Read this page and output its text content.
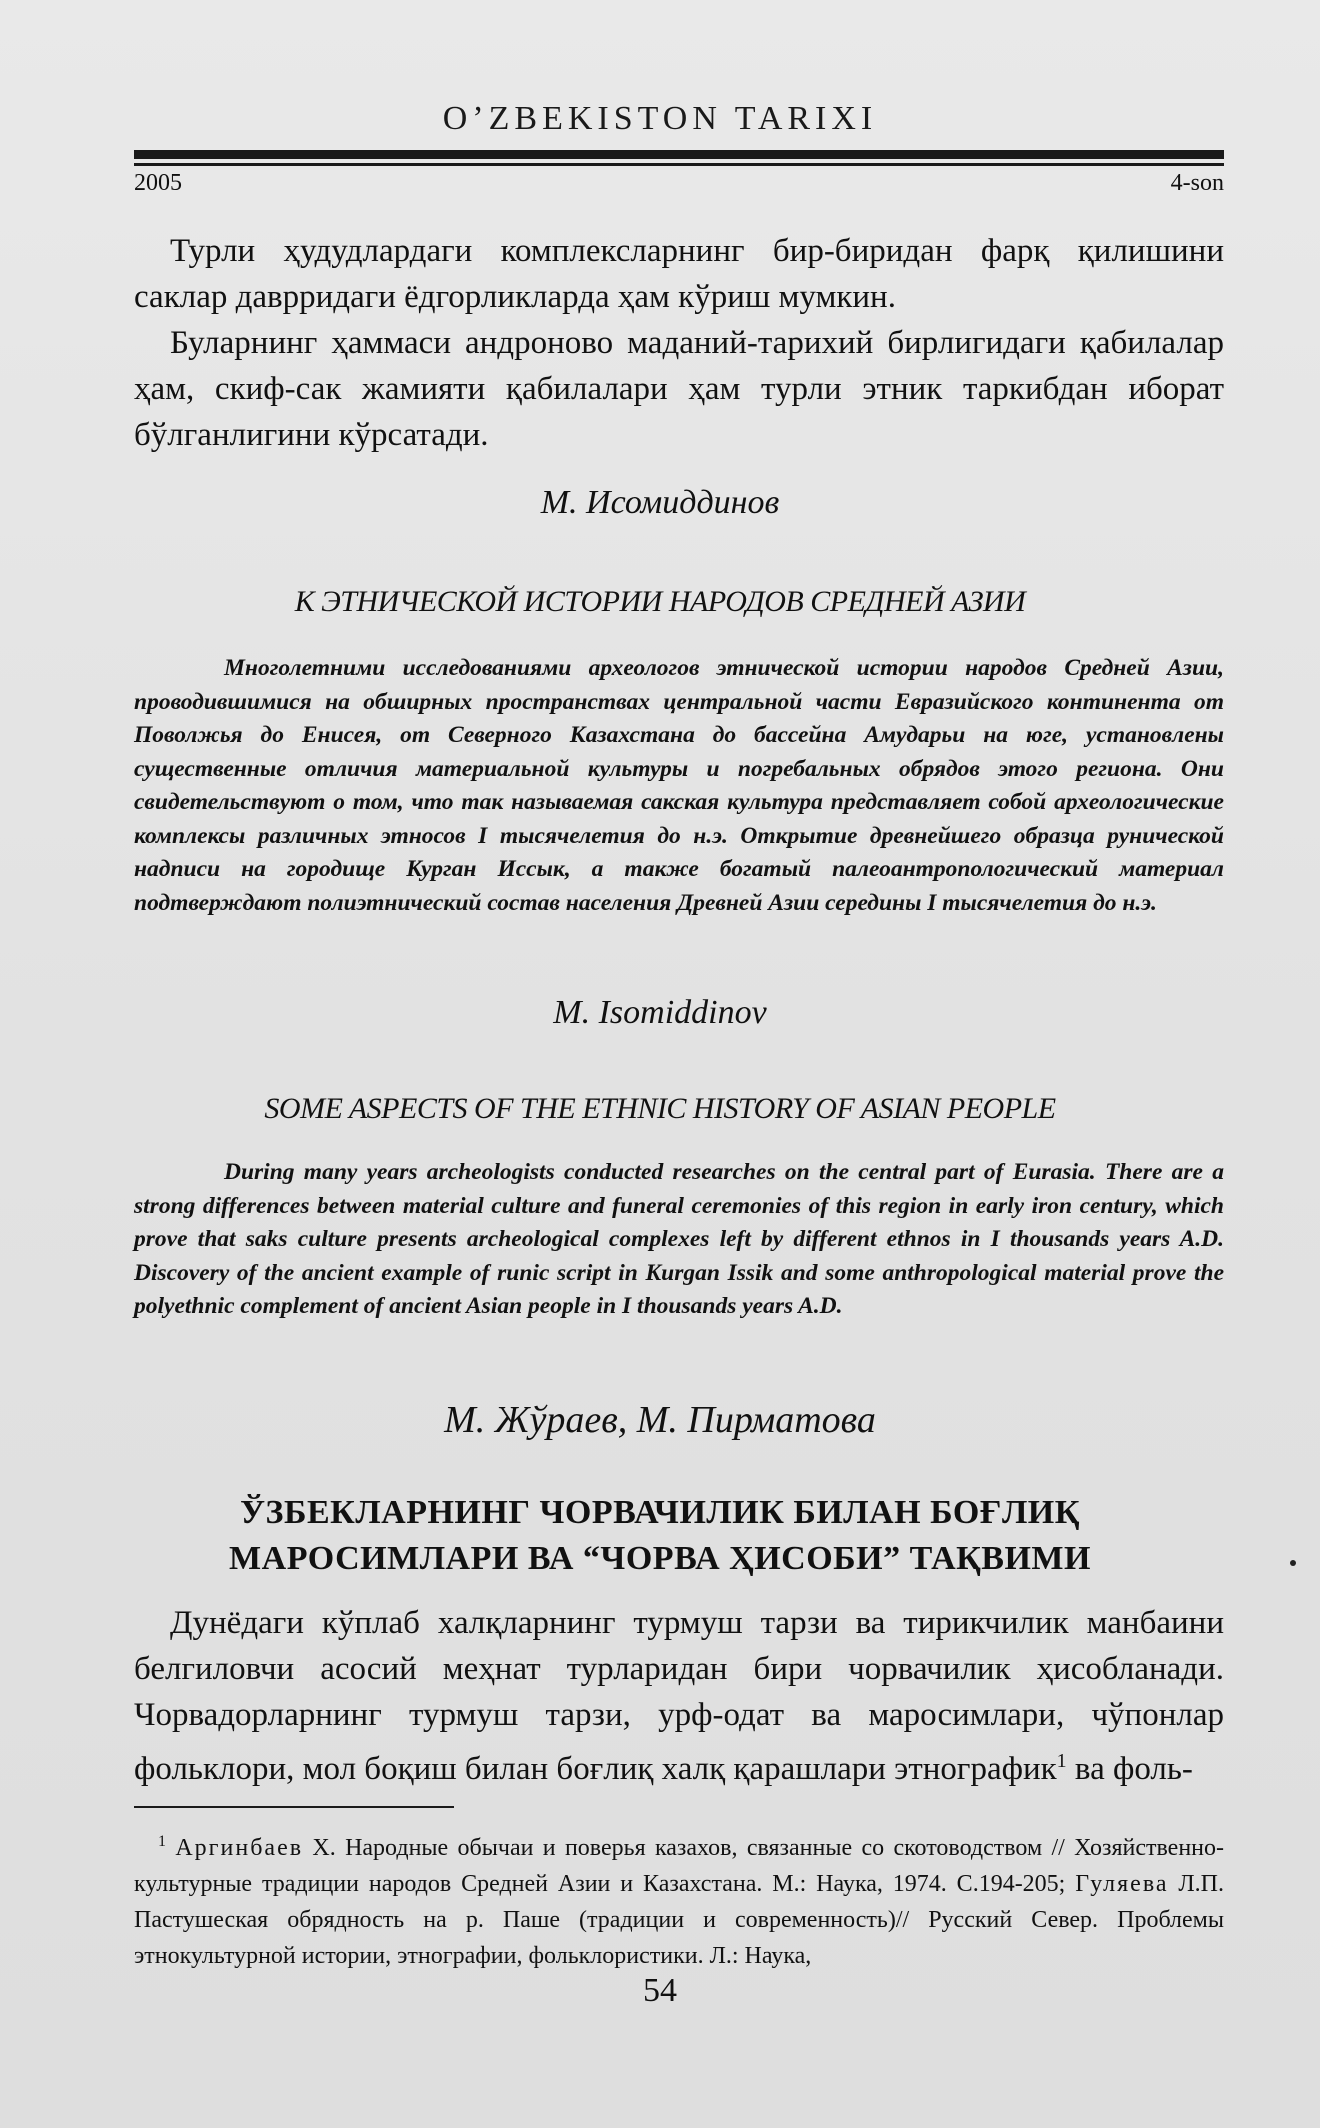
O’ZBEKISTON TARIXI
2005	4-son

Турли ҳудудлардаги комплексларнинг бир-биридан фарқ қилишини саклар даврридаги ёдгорликларда ҳам кўриш мумкин.

Буларнинг ҳаммаси андроново маданий-тарихий бирлигидаги қабилалар ҳам, скиф-сак жамияти қабилалари ҳам турли этник таркибдан иборат бўлганлигини кўрсатади.

М. Исомиддинов
К ЭТНИЧЕСКОЙ ИСТОРИИ НАРОДОВ СРЕДНЕЙ АЗИИ

Многолетними исследованиями археологов этнической истории народов Средней Азии, проводившимися на обширных пространствах центральной части Евразийского континента от Поволжья до Енисея, от Северного Казахстана до бассейна Амударьи на юге, установлены существенные отличия материальной культуры и погребальных обрядов этого региона. Они свидетельствуют о том, что так называемая сакская культура представляет собой археологические комплексы различных этносов I тысячелетия до н.э. Открытие древнейшего образца рунической надписи на городище Курган Иссык, а также богатый палеоантропологический материал подтверждают полиэтнический состав населения Древней Азии середины I тысячелетия до н.э.

M. Isomiddinov
SOME ASPECTS OF THE ETHNIC HISTORY OF ASIAN PEOPLE

During many years archeologists conducted researches on the central part of Eurasia. There are a strong differences between material culture and funeral ceremonies of this region in early iron century, which prove that saks culture presents archeological complexes left by different ethnos in I thousands years A.D. Discovery of the ancient example of runic script in Kurgan Issik and some anthropological material prove the polyethnic complement of ancient Asian people in I thousands years A.D.

М. Жўраев, М. Пирматова
ЎЗБЕКЛАРНИНГ ЧОРВАЧИЛИК БИЛАН БОҒЛИҚ
МАРОСИМЛАРИ ВА “ЧОРВА ҲИСОБИ” ТАҚВИМИ

Дунёдаги кўплаб халқларнинг турмуш тарзи ва тирикчилик манбаини белгиловчи асосий меҳнат турларидан бири чорвачилик ҳисобланади. Чорвадорларнинг турмуш тарзи, урф-одат ва маросимлари, чўпонлар фольклори, мол боқиш билан боғлиқ халқ қарашлари этнографик$^1$ ва фоль-

$^1$ Аргинбаев Х. Народные обычаи и поверья казахов, связанные со скотоводством // Хозяйственно-культурные традиции народов Средней Азии и Казахстана. М.: Наука, 1974. С.194-205; Гуляева Л.П. Пастушеская обрядность на р. Паше (традиции и современность)// Русский Север. Проблемы этнокультурной истории, этнографии, фольклористики. Л.: Наука,

54
